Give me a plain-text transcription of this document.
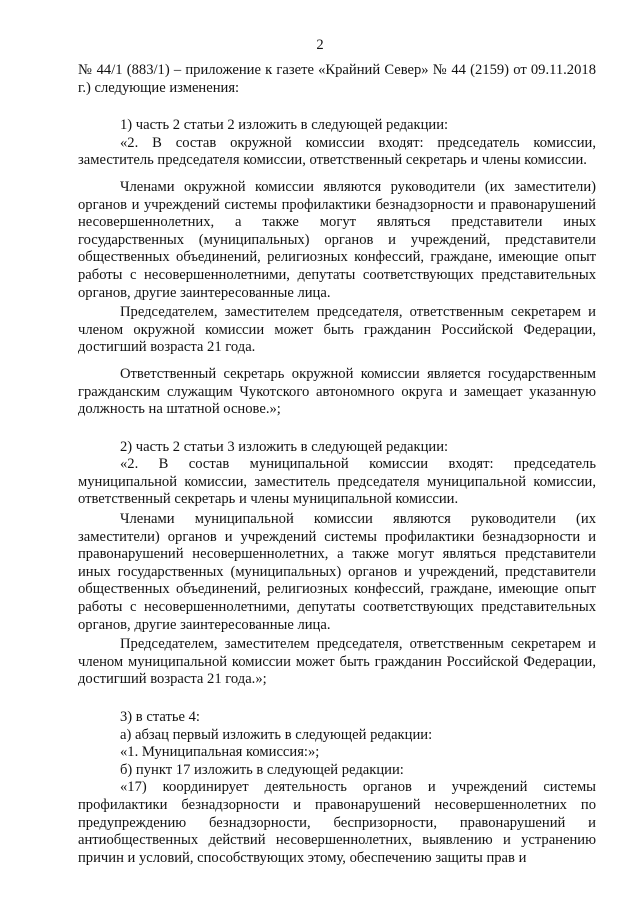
2

№ 44/1 (883/1) – приложение к газете «Крайний Север» № 44 (2159) от 09.11.2018 г.) следующие изменения:

1) часть 2 статьи 2 изложить в следующей редакции:

«2. В состав окружной комиссии входят: председатель комиссии, заместитель председателя комиссии, ответственный секретарь и члены комиссии.

Членами окружной комиссии являются руководители (их заместители) органов и учреждений системы профилактики безнадзорности и правонарушений несовершеннолетних, а также могут являться представители иных государственных (муниципальных) органов и учреждений, представители общественных объединений, религиозных конфессий, граждане, имеющие опыт работы с несовершеннолетними, депутаты соответствующих представительных органов, другие заинтересованные лица.

Председателем, заместителем председателя, ответственным секретарем и членом окружной комиссии может быть гражданин Российской Федерации, достигший возраста 21 года.

Ответственный секретарь окружной комиссии является государственным гражданским служащим Чукотского автономного округа и замещает указанную должность на штатной основе.»;

2) часть 2 статьи 3 изложить в следующей редакции:

«2. В состав муниципальной комиссии входят: председатель муниципальной комиссии, заместитель председателя муниципальной комиссии, ответственный секретарь и члены муниципальной комиссии.

Членами муниципальной комиссии являются руководители (их заместители) органов и учреждений системы профилактики безнадзорности и правонарушений несовершеннолетних, а также могут являться представители иных государственных (муниципальных) органов и учреждений, представители общественных объединений, религиозных конфессий, граждане, имеющие опыт работы с несовершеннолетними, депутаты соответствующих представительных органов, другие заинтересованные лица.

Председателем, заместителем председателя, ответственным секретарем и членом муниципальной комиссии может быть гражданин Российской Федерации, достигший возраста 21 года.»;

3) в статье 4:

а) абзац первый изложить в следующей редакции:

«1. Муниципальная комиссия:»;

б) пункт 17 изложить в следующей редакции:

«17) координирует деятельность органов и учреждений системы профилактики безнадзорности и правонарушений несовершеннолетних по предупреждению безнадзорности, беспризорности, правонарушений и антиобщественных действий несовершеннолетних, выявлению и устранению причин и условий, способствующих этому, обеспечению защиты прав и
